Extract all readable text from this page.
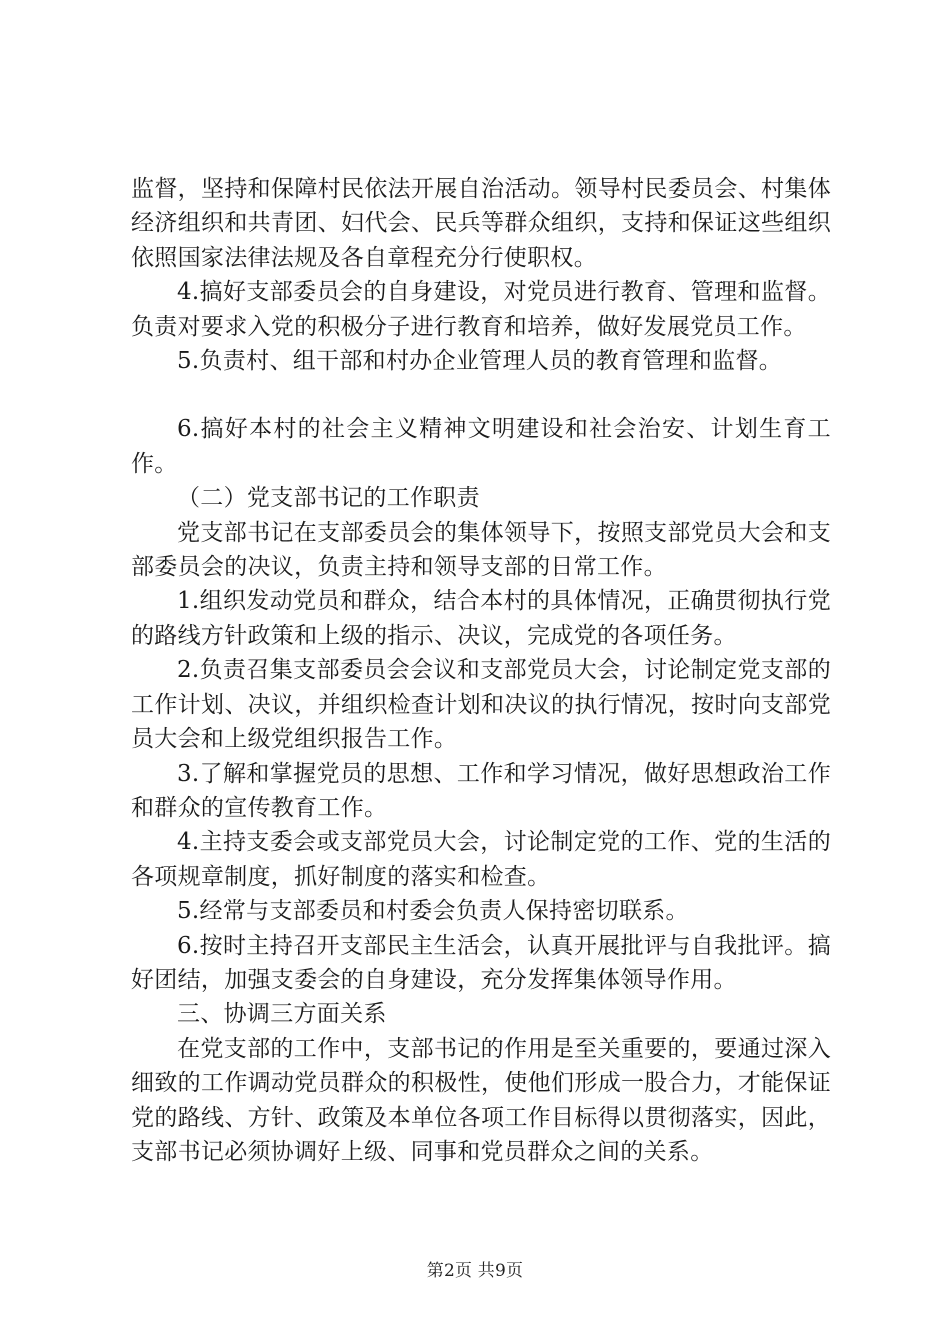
监督，坚持和保障村民依法开展自治活动。领导村民委员会、村集体经济组织和共青团、妇代会、民兵等群众组织，支持和保证这些组织依照国家法律法规及各自章程充分行使职权。

4.搞好支部委员会的自身建设，对党员进行教育、管理和监督。负责对要求入党的积极分子进行教育和培养，做好发展党员工作。

5.负责村、组干部和村办企业管理人员的教育管理和监督。

6.搞好本村的社会主义精神文明建设和社会治安、计划生育工作。

（二）党支部书记的工作职责

党支部书记在支部委员会的集体领导下，按照支部党员大会和支部委员会的决议，负责主持和领导支部的日常工作。

1.组织发动党员和群众，结合本村的具体情况，正确贯彻执行党的路线方针政策和上级的指示、决议，完成党的各项任务。

2.负责召集支部委员会会议和支部党员大会，讨论制定党支部的工作计划、决议，并组织检查计划和决议的执行情况，按时向支部党员大会和上级党组织报告工作。

3.了解和掌握党员的思想、工作和学习情况，做好思想政治工作和群众的宣传教育工作。

4.主持支委会或支部党员大会，讨论制定党的工作、党的生活的各项规章制度，抓好制度的落实和检查。

5.经常与支部委员和村委会负责人保持密切联系。

6.按时主持召开支部民主生活会，认真开展批评与自我批评。搞好团结，加强支委会的自身建设，充分发挥集体领导作用。

三、协调三方面关系

在党支部的工作中，支部书记的作用是至关重要的，要通过深入细致的工作调动党员群众的积极性，使他们形成一股合力，才能保证党的路线、方针、政策及本单位各项工作目标得以贯彻落实，因此，支部书记必须协调好上级、同事和党员群众之间的关系。

第2页 共9页
